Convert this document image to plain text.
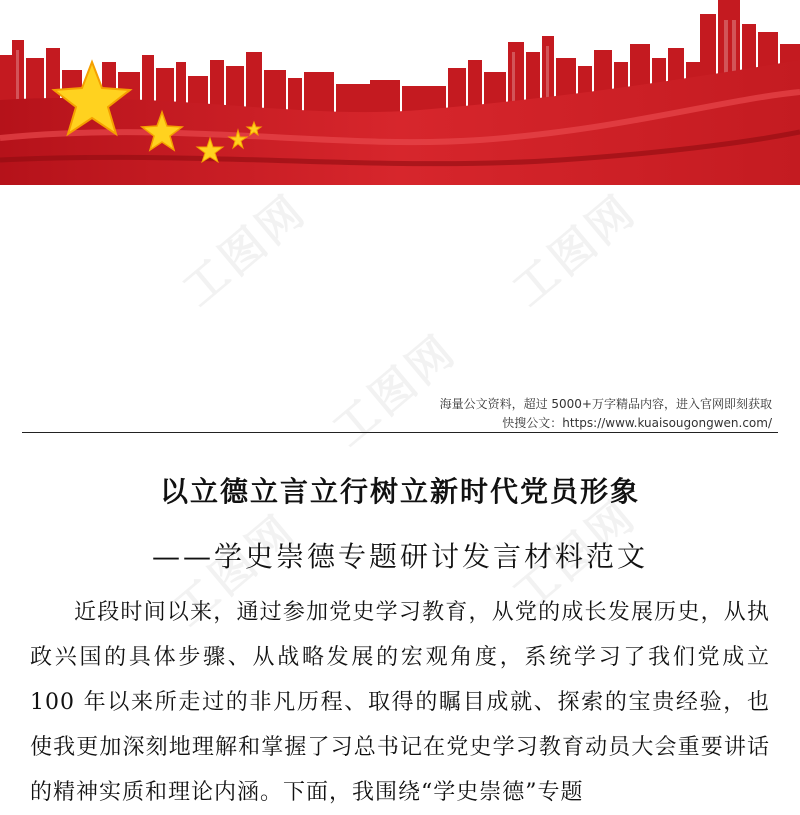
工图网	工图网
工图网
工图网	工图网
海量公文资料，超过 5000+万字精品内容，进入官网即刻获取
快搜公文：https://www.kuaisougongwen.com/
以立德立言立行树立新时代党员形象
——学史崇德专题研讨发言材料范文

近段时间以来，通过参加党史学习教育，从党的成长发展历史，从执政兴国的具体步骤、从战略发展的宏观角度，系统学习了我们党成立 100 年以来所走过的非凡历程、取得的瞩目成就、探索的宝贵经验，也使我更加深刻地理解和掌握了习总书记在党史学习教育动员大会重要讲话的精神实质和理论内涵。下面，我围绕“学史崇德”专题
